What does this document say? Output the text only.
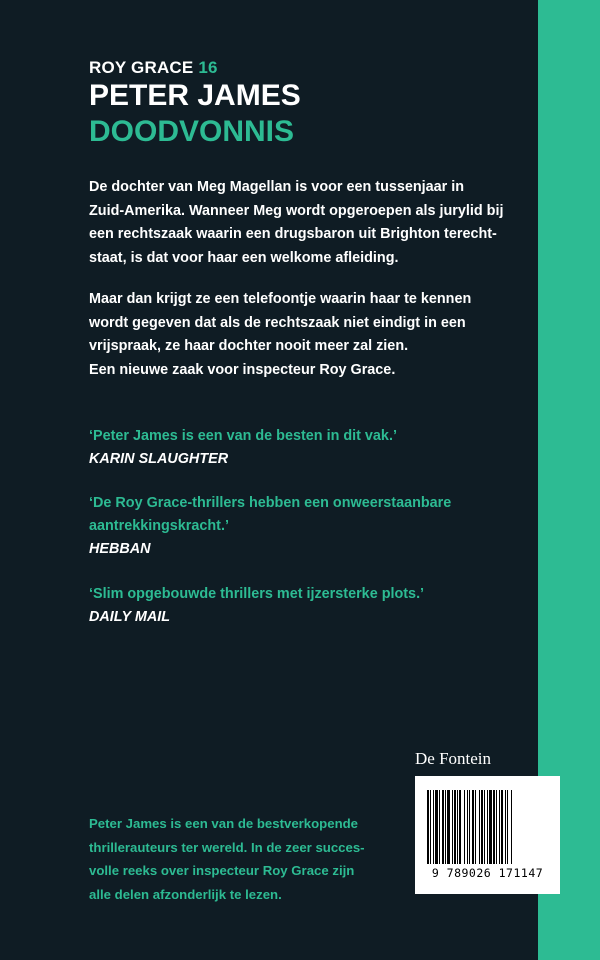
ROY GRACE 16
PETER JAMES
DOODVONNIS

De dochter van Meg Magellan is voor een tussenjaar in

Zuid-Amerika. Wanneer Meg wordt opgeroepen als jurylid bij

een rechtszaak waarin een drugsbaron uit Brighton terecht-

staat, is dat voor haar een welkome afleiding.

Maar dan krijgt ze een telefoontje waarin haar te kennen

wordt gegeven dat als de rechtszaak niet eindigt in een

vrijspraak, ze haar dochter nooit meer zal zien.

Een nieuwe zaak voor inspecteur Roy Grace.

‘Peter James is een van de besten in dit vak.’

KARIN SLAUGHTER

‘De Roy Grace-thrillers hebben een onweerstaanbare

aantrekkingskracht.’

HEBBAN

‘Slim opgebouwde thrillers met ijzersterke plots.’

DAILY MAIL

Peter James is een van de bestverkopende

thrillerauteurs ter wereld. In de zeer succes-

volle reeks over inspecteur Roy Grace zijn

alle delen afzonderlijk te lezen.

De Fontein
9 789026 171147
